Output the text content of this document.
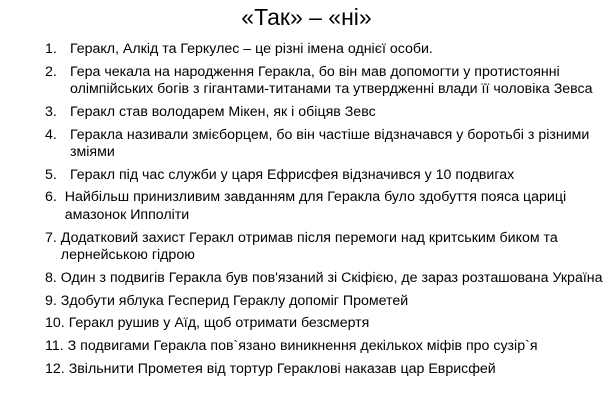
«Так» – «ні»
1. Геракл, Алкід та Геркулес – це різні імена однієї особи.
2. Гера чекала на народження Геракла, бо він мав допомогти у протистоянні олімпійських богів з гігантами-титанами та утвердженні влади її чоловіка Зевса
3. Геракл став володарем Мікен, як і обіцяв Зевс
4. Геракла називали змієборцем, бо він частіше відзначався у боротьбі з різними зміями
5. Геракл під час служби у царя Ефрисфея відзначився у 10 подвигах
6. Найбільш принизливим завданням для Геракла було здобуття пояса цариці амазонок Ипполіти
7. Додатковий захист Геракл отримав після перемоги над критським биком та лернейською гідрою
8. Один з подвигів Геракла був пов'язаний зі Скіфією, де зараз розташована Україна
9. Здобути яблука Гесперид Гераклу допоміг Прометей
10. Геракл рушив у Аїд, щоб отримати безсмертя
11. З подвигами Геракла пов`язано виникнення декількох міфів про сузір`я
12. Звільнити Прометея від тортур Гераклові наказав цар Еврисфей
